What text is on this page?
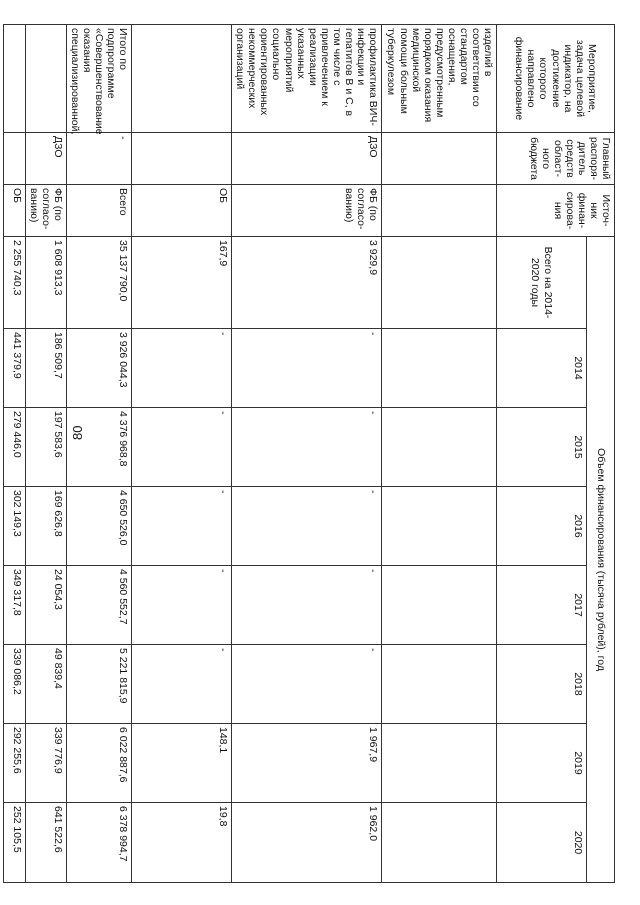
80
Мероприятие, задача целевой индикатор, на достижение которого направлено финансирование	Главный распоря-дитель средств област-ного бюджета	Источ-ник финан-сирова-ния	Объем финансирования (тысяча рублей), год							
			Всего на 2014-2020 годы	2014	2015	2016	2017	2018	2019	2020
изделий в соответствии со стандартом оснащения, предусмотренным порядком оказания медицинской помощи больным туберкулезом										
профилактика ВИЧ-инфекции и гепатитов B и C, в том числе с привлечением к реализации указанных мероприятий социально ориентированных некоммерческих организаций	ДЗО	ФБ (по согласо-ванию)	3 929,9	-	-	-	-	-	1 967,9	1 962,0
		ОБ	167,9	-	-	-	-	-	148,1	19,8
Итого по подпрограмме «Совершенствование оказания специализированной,	-	Всего	35 137 790,0	3 926 044,3	4 376 968,8	4 650 526,0	4 560 552,7	5 221 815,9	6 022 887,6	6 378 994,7
	ДЗО	ФБ (по согласо-ванию)	1 608 913,3	186 509,7	197 583,6	169 626,8	24 054,3	49 839,4	339 776,9	641 522,6
		ОБ	2 255 740,3	441 379,9	279 446,0	302 149,3	349 317,8	339 086,2	292 255,6	252 105,5
